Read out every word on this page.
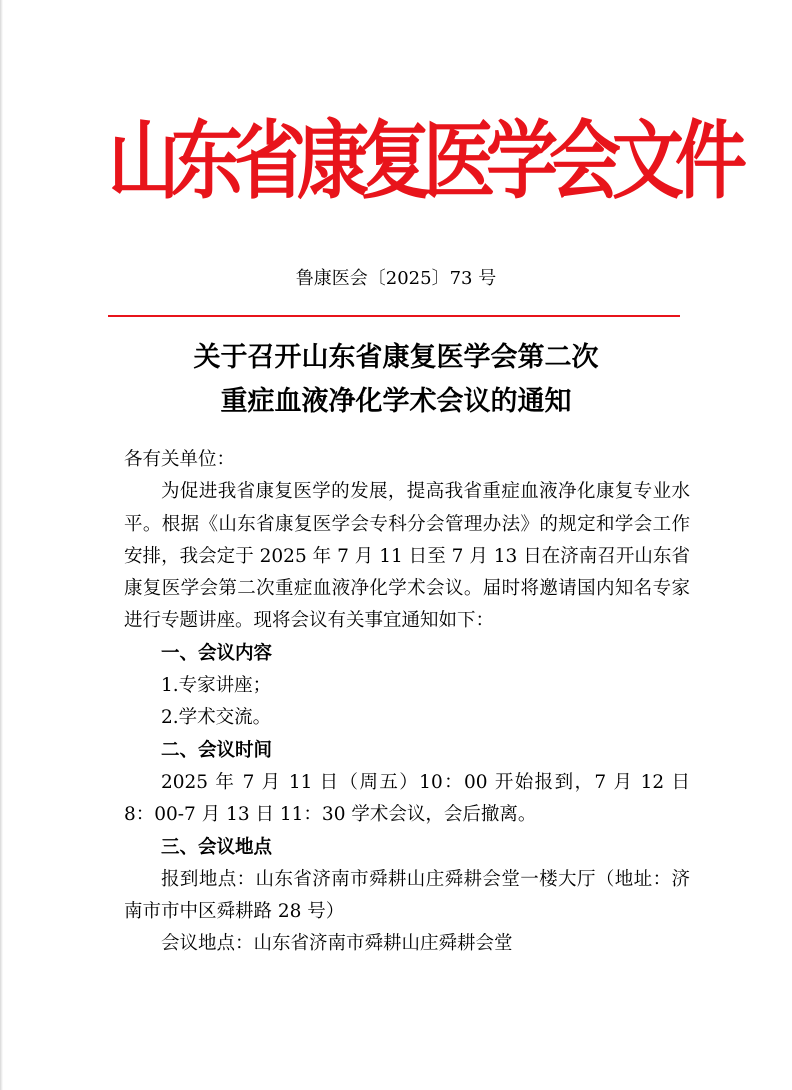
山东省康复医学会文件
鲁康医会〔2025〕73 号
关于召开山东省康复医学会第二次
重症血液净化学术会议的通知

各有关单位：

为促进我省康复医学的发展，提高我省重症血液净化康复专业水平。根据《山东省康复医学会专科分会管理办法》的规定和学会工作安排，我会定于 2025 年 7 月 11 日至 7 月 13 日在济南召开山东省康复医学会第二次重症血液净化学术会议。届时将邀请国内知名专家进行专题讲座。现将会议有关事宜通知如下：

一、会议内容

1.专家讲座；

2.学术交流。

二、会议时间

2025 年 7 月 11 日（周五）10：00 开始报到，7 月 12 日 8：00-7 月 13 日 11：30 学术会议，会后撤离。

三、会议地点

报到地点：山东省济南市舜耕山庄舜耕会堂一楼大厅（地址：济南市市中区舜耕路 28 号）

会议地点：山东省济南市舜耕山庄舜耕会堂
